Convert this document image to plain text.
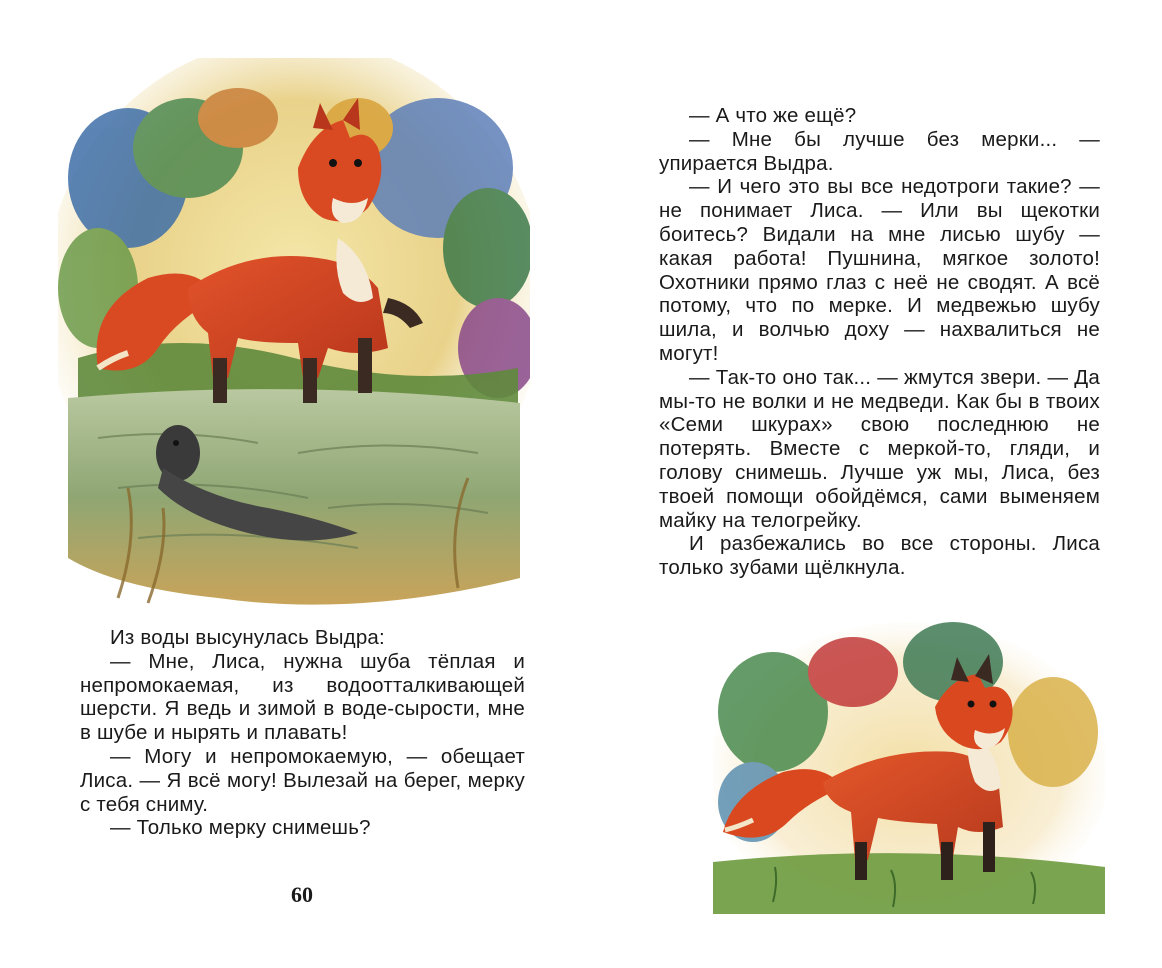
Из воды высунулась Выдра:

— Мне, Лиса, нужна шуба тёплая и непромокаемая, из водоотталкивающей шерсти. Я ведь и зимой в воде-сырости, мне в шубе и нырять и плавать!

— Могу и непромокаемую, — обещает Лиса. — Я всё могу! Вылезай на берег, мерку с тебя сниму.

— Только мерку снимешь?

60

— А что же ещё?

— Мне бы лучше без мерки... — упирается Выдра.

— И чего это вы все недотроги такие? — не понимает Лиса. — Или вы щекотки боитесь? Видали на мне лисью шубу — какая работа! Пушнина, мягкое золото! Охотники прямо глаз с неё не сводят. А всё потому, что по мерке. И медвежью шубу шила, и волчью доху — нахвалиться не могут!

— Так-то оно так... — жмутся звери. — Да мы-то не волки и не медведи. Как бы в твоих «Семи шкурах» свою последнюю не потерять. Вместе с меркой-то, гляди, и голову снимешь. Лучше уж мы, Лиса, без твоей помощи обойдёмся, сами выменяем майку на телогрейку.

И разбежались во все стороны. Лиса только зубами щёлкнула.
